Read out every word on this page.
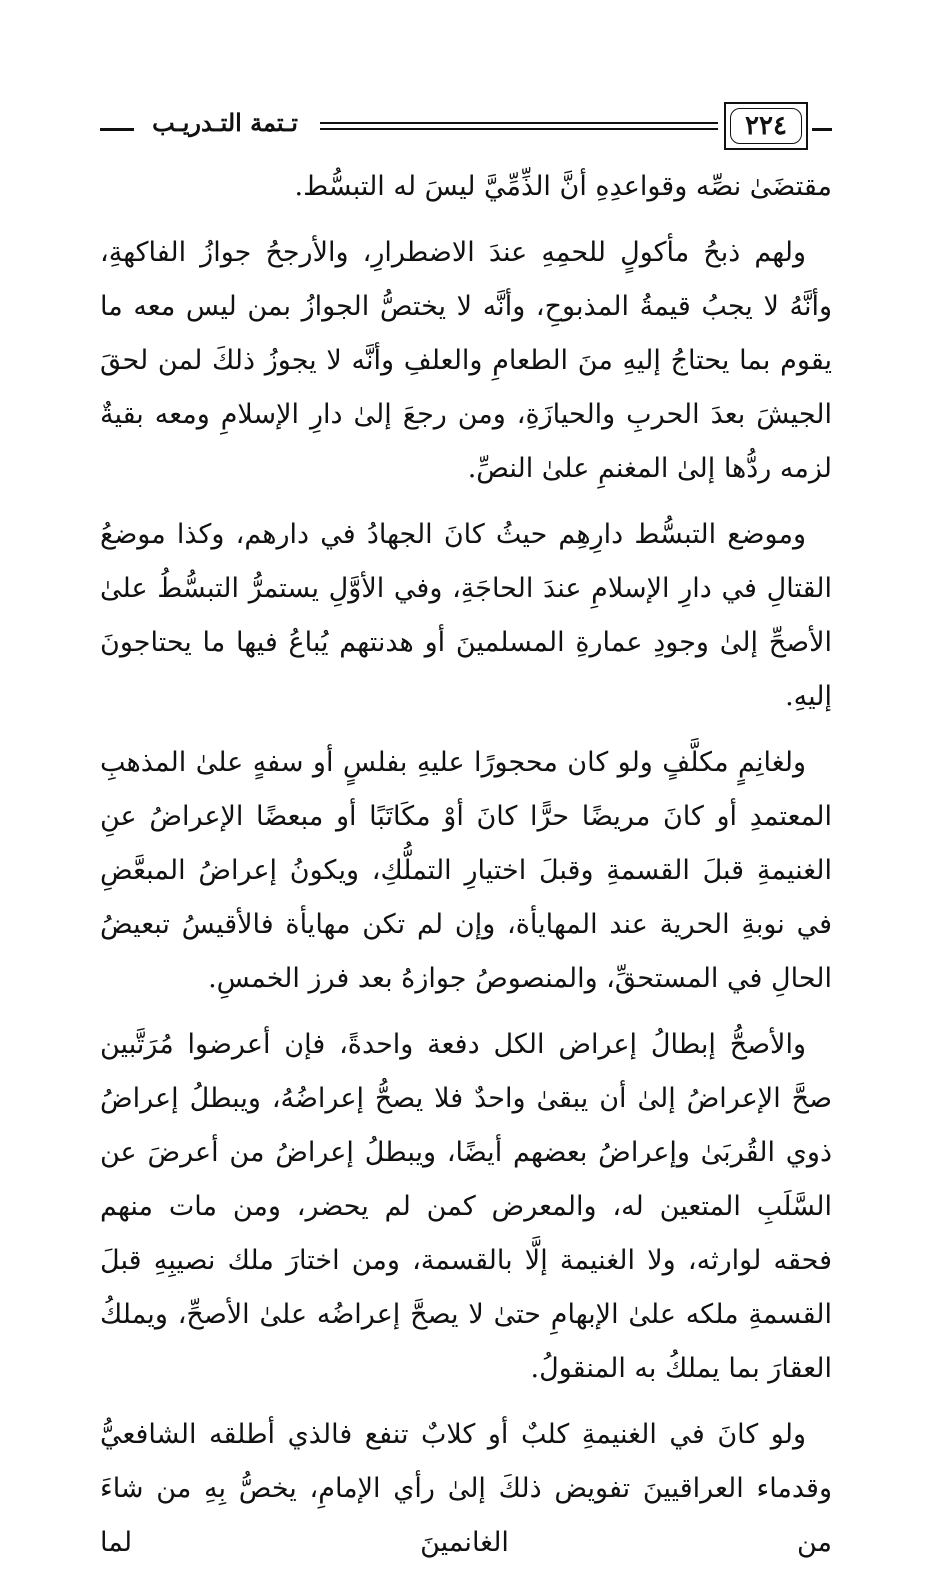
٢٢٤
تـتمة التـدريـب

مقتضَىٰ نصِّه وقواعدِهِ أنَّ الذِّمِّيَّ ليسَ له التبسُّط.

ولهم ذبحُ مأكولٍ للحمِهِ عندَ الاضطرارِ، والأرجحُ جوازُ الفاكهةِ، وأنَّهُ لا يجبُ قيمةُ المذبوحِ، وأنَّه لا يختصُّ الجوازُ بمن ليس معه ما يقوم بما يحتاجُ إليهِ منَ الطعامِ والعلفِ وأنَّه لا يجوزُ ذلكَ لمن لحقَ الجيشَ بعدَ الحربِ والحيازَةِ، ومن رجعَ إلىٰ دارِ الإسلامِ ومعه بقيةٌ لزمه ردُّها إلىٰ المغنمِ علىٰ النصِّ.

وموضع التبسُّط دارِهِم حيثُ كانَ الجهادُ في دارهم، وكذا موضعُ القتالِ في دارِ الإسلامِ عندَ الحاجَةِ، وفي الأوَّلِ يستمرُّ التبسُّطُ علىٰ الأصحِّ إلىٰ وجودِ عمارةِ المسلمينَ أو هدنتهم يُباعُ فيها ما يحتاجونَ إليهِ.

ولغانِمٍ مكلَّفٍ ولو كان محجورًا عليهِ بفلسٍ أو سفهٍ علىٰ المذهبِ المعتمدِ أو كانَ مريضًا حرًّا كانَ أوْ مكَاتَبًا أو مبعضًا الإعراضُ عنِ الغنيمةِ قبلَ القسمةِ وقبلَ اختيارِ التملُّكِ، ويكونُ إعراضُ المبعَّضِ في نوبةِ الحرية عند المهايأة، وإن لم تكن مهايأة فالأقيسُ تبعيضُ الحالِ في المستحقِّ، والمنصوصُ جوازهُ بعد فرز الخمسِ.

والأصحُّ إبطالُ إعراض الكل دفعة واحدةً، فإن أعرضوا مُرَتَّبين صحَّ الإعراضُ إلىٰ أن يبقىٰ واحدٌ فلا يصحُّ إعراضُهُ، ويبطلُ إعراضُ ذوي القُربَىٰ وإعراضُ بعضهم أيضًا، ويبطلُ إعراضُ من أعرضَ عن السَّلَبِ المتعين له، والمعرض كمن لم يحضر، ومن مات منهم فحقه لوارثه، ولا الغنيمة إلَّا بالقسمة، ومن اختارَ ملك نصيبِهِ قبلَ القسمةِ ملكه علىٰ الإبهامِ حتىٰ لا يصحَّ إعراضُه علىٰ الأصحِّ، ويملكُ العقارَ بما يملكُ به المنقولُ.

ولو كانَ في الغنيمةِ كلبٌ أو كلابٌ تنفع فالذي أطلقه الشافعيُّ وقدماء العراقيينَ تفويض ذلكَ إلىٰ رأي الإمامِ، يخصُّ بِهِ من شاءَ من الغانمينَ لما
